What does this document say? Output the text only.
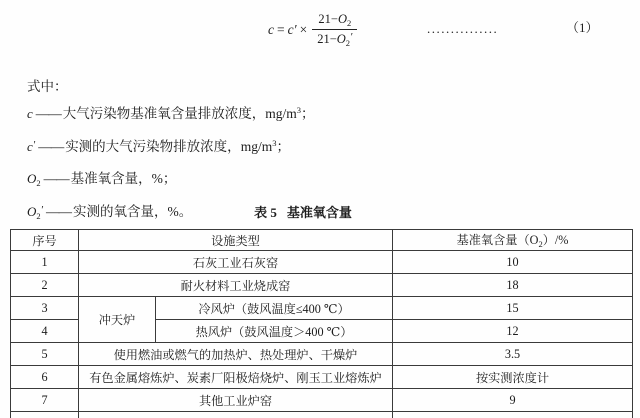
$c = c' \times \frac{21-O_2}{21-O_2'}$	...............	（1）
式中：
c —— 大气污染物基准氧含量排放浓度，$mg/m^3$；
c′ —— 实测的大气污染物排放浓度，$mg/m^3$；
$O_2$ —— 基准氧含量，%；
$O_2'$ —— 实测的氧含量，%。	表 5 基准氧含量
序号	设施类型		基准氧含量$(O_2)/\%$
1	石灰工业石灰窑		10
2	耐火材料工业烧成窑		18
3	冲天炉	冷风炉（鼓风温度≤400 ℃）	15
4		热风炉（鼓风温度＞400 ℃）	12
5	使用燃油或燃气的加热炉、热处理炉、干燥炉		3.5
6	有色金属熔炼炉、炭素厂阳极焙烧炉、刚玉工业熔炼炉		按实测浓度计
7	其他工业炉窑		9
